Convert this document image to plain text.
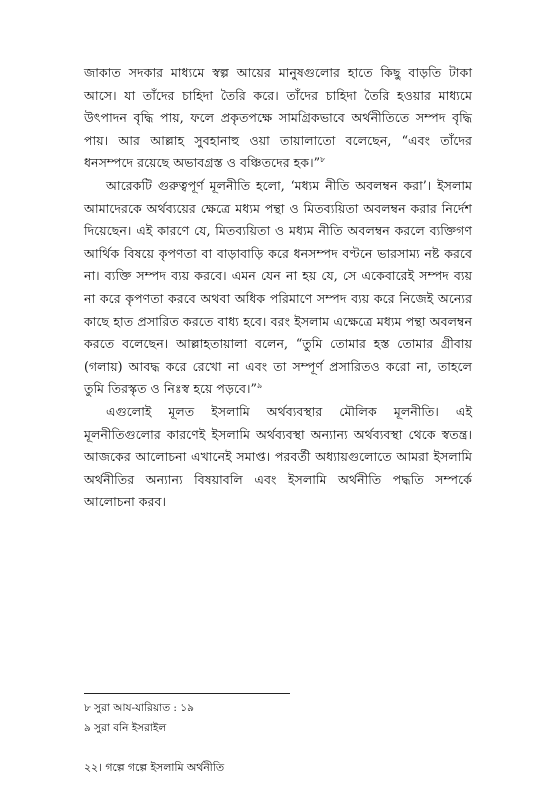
জাকাত সদকার মাধ্যমে স্বল্প আয়ের মানুষগুলোর হাতে কিছু বাড়তি টাকা আসে। যা তাঁদের চাহিদা তৈরি করে। তাঁদের চাহিদা তৈরি হওয়ার মাধ্যমে উৎপাদন বৃদ্ধি পায়, ফলে প্রকৃতপক্ষে সামগ্রিকভাবে অর্থনীতিতে সম্পদ বৃদ্ধি পায়। আর আল্লাহ সুবহানাহু ওয়া তায়ালাতো বলেছেন, “এবং তাঁদের ধনসম্পদে রয়েছে অভাবগ্রস্ত ও বঞ্চিতদের হক।”$^৮$

আরেকটি গুরুত্বপূর্ণ মূলনীতি হলো, ‘মধ্যম নীতি অবলম্বন করা’। ইসলাম আমাদেরকে অর্থব্যয়ের ক্ষেত্রে মধ্যম পন্থা ও মিতব্যয়িতা অবলম্বন করার নির্দেশ দিয়েছেন। এই কারণে যে, মিতব্যয়িতা ও মধ্যম নীতি অবলম্বন করলে ব্যক্তিগণ আর্থিক বিষয়ে কৃপণতা বা বাড়াবাড়ি করে ধনসম্পদ বণ্টনে ভারসাম্য নষ্ট করবে না। ব্যক্তি সম্পদ ব্যয় করবে। এমন যেন না হয় যে, সে একেবারেই সম্পদ ব্যয় না করে কৃপণতা করবে অথবা অধিক পরিমাণে সম্পদ ব্যয় করে নিজেই অন্যের কাছে হাত প্রসারিত করতে বাধ্য হবে। বরং ইসলাম এক্ষেত্রে মধ্যম পন্থা অবলম্বন করতে বলেছেন। আল্লাহতায়ালা বলেন, “তুমি তোমার হস্ত তোমার গ্রীবায় (গলায়) আবদ্ধ করে রেখো না এবং তা সম্পূর্ণ প্রসারিতও করো না, তাহলে তুমি তিরস্কৃত ও নিঃস্ব হয়ে পড়বে।”$^৯$

এগুলোই মূলত ইসলামি অর্থব্যবস্থার মৌলিক মূলনীতি। এই মূলনীতিগুলোর কারণেই ইসলামি অর্থব্যবস্থা অন্যান্য অর্থব্যবস্থা থেকে স্বতন্ত্র। আজকের আলোচনা এখানেই সমাপ্ত। পরবর্তী অধ্যায়গুলোতে আমরা ইসলামি অর্থনীতির অন্যান্য বিষয়াবলি এবং ইসলামি অর্থনীতি পদ্ধতি সম্পর্কে আলোচনা করব।

৮ সুরা আয-যারিয়াত : ১৯
৯ সুরা বনি ইসরাইল
২২। গল্পে গল্পে ইসলামি অর্থনীতি
